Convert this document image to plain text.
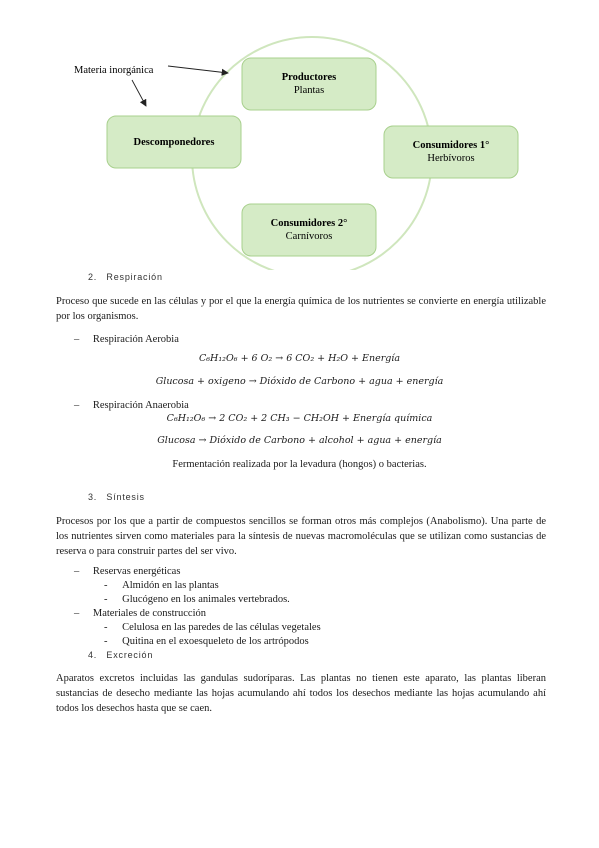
Productores
Plantas
Consumidores 1°
Herbívoros
Consumidores 2°
Carnívoros
Descomponedores
Materia inorgánica
2. Respiración
Proceso que sucede en las células y por el que la energía química de los nutrientes se convierte en energía utilizable por los organismos.
– Respiración Aerobia
C₆H₁₂O₆ + 6 O₂ → 6 CO₂ + H₂O + Energía
Glucosa + oxigeno → Dióxido de Carbono + agua + energía
– Respiración Anaerobia
C₆H₁₂O₆ → 2 CO₂ + 2 CH₃ − CH₂OH + Energía química
Glucosa → Dióxido de Carbono + alcohol + agua + energía
Fermentación realizada por la levadura (hongos) o bacterias.
3. Síntesis
Procesos por los que a partir de compuestos sencillos se forman otros más complejos (Anabolismo). Una parte de los nutrientes sirven como materiales para la síntesis de nuevas macromoléculas que se utilizan como sustancias de reserva o para construir partes del ser vivo.
– Reservas energéticas
- Almidón en las plantas
- Glucógeno en los animales vertebrados.
– Materiales de construcción
- Celulosa en las paredes de las células vegetales
- Quitina en el exoesqueleto de los artrópodos
4. Excreción
Aparatos excretos incluidas las gandulas sudoríparas. Las plantas no tienen este aparato, las plantas liberan sustancias de desecho mediante las hojas acumulando ahí todos los desechos mediante las hojas acumulando ahí todos los desechos hasta que se caen.
